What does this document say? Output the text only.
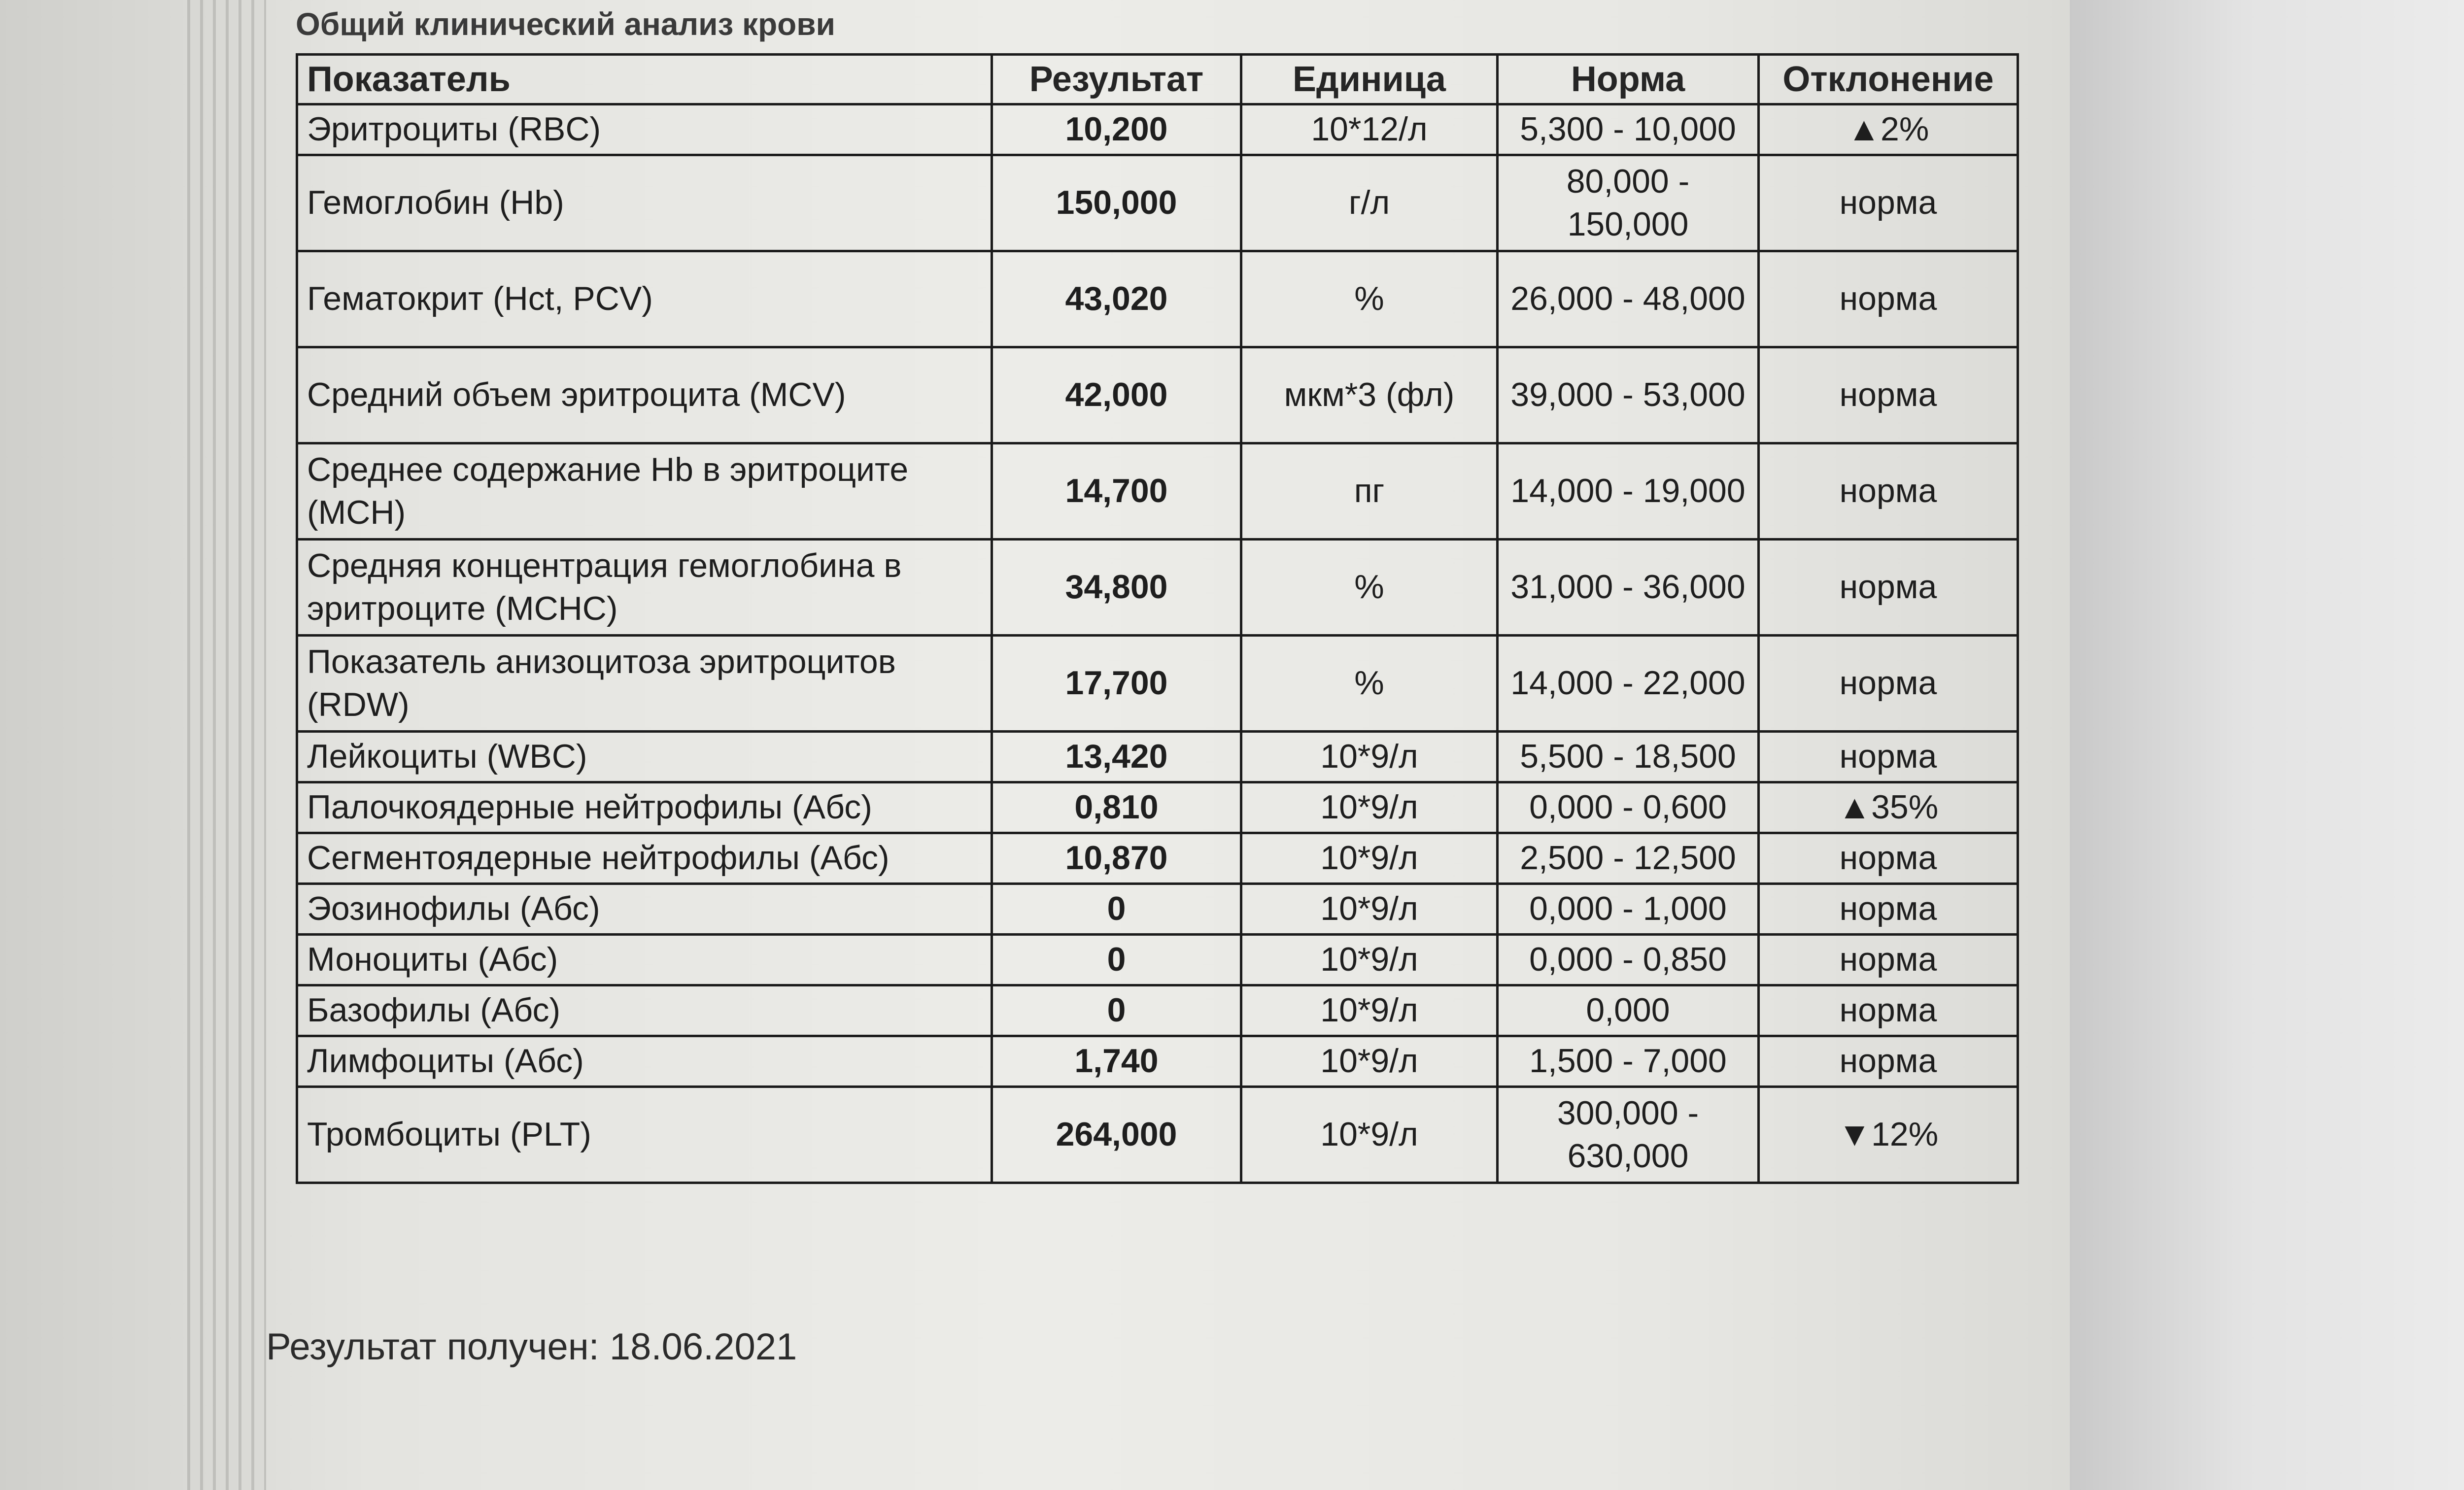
Общий клинический анализ крови
Показатель	Результат	Единица	Норма	Отклонение
Эритроциты (RBC)	10,200	10*12/л	5,300 - 10,000	▲2%
Гемоглобин (Hb)	150,000	г/л	80,000 - 150,000	норма
Гематокрит (Hct, PCV)	43,020	%	26,000 - 48,000	норма
Средний объем эритроцита (MCV)	42,000	мкм*3 (фл)	39,000 - 53,000	норма
Среднее содержание Hb в эритроците (MCH)	14,700	пг	14,000 - 19,000	норма
Средняя концентрация гемоглобина в эритроците (MCHC)	34,800	%	31,000 - 36,000	норма
Показатель анизоцитоза эритроцитов (RDW)	17,700	%	14,000 - 22,000	норма
Лейкоциты (WBC)	13,420	10*9/л	5,500 - 18,500	норма
Палочкоядерные нейтрофилы (Абс)	0,810	10*9/л	0,000 - 0,600	▲35%
Сегментоядерные нейтрофилы (Абс)	10,870	10*9/л	2,500 - 12,500	норма
Эозинофилы (Абс)	0	10*9/л	0,000 - 1,000	норма
Моноциты (Абс)	0	10*9/л	0,000 - 0,850	норма
Базофилы (Абс)	0	10*9/л	0,000	норма
Лимфоциты (Абс)	1,740	10*9/л	1,500 - 7,000	норма
Тромбоциты (PLT)	264,000	10*9/л	300,000 - 630,000	▼12%
Результат получен: 18.06.2021
